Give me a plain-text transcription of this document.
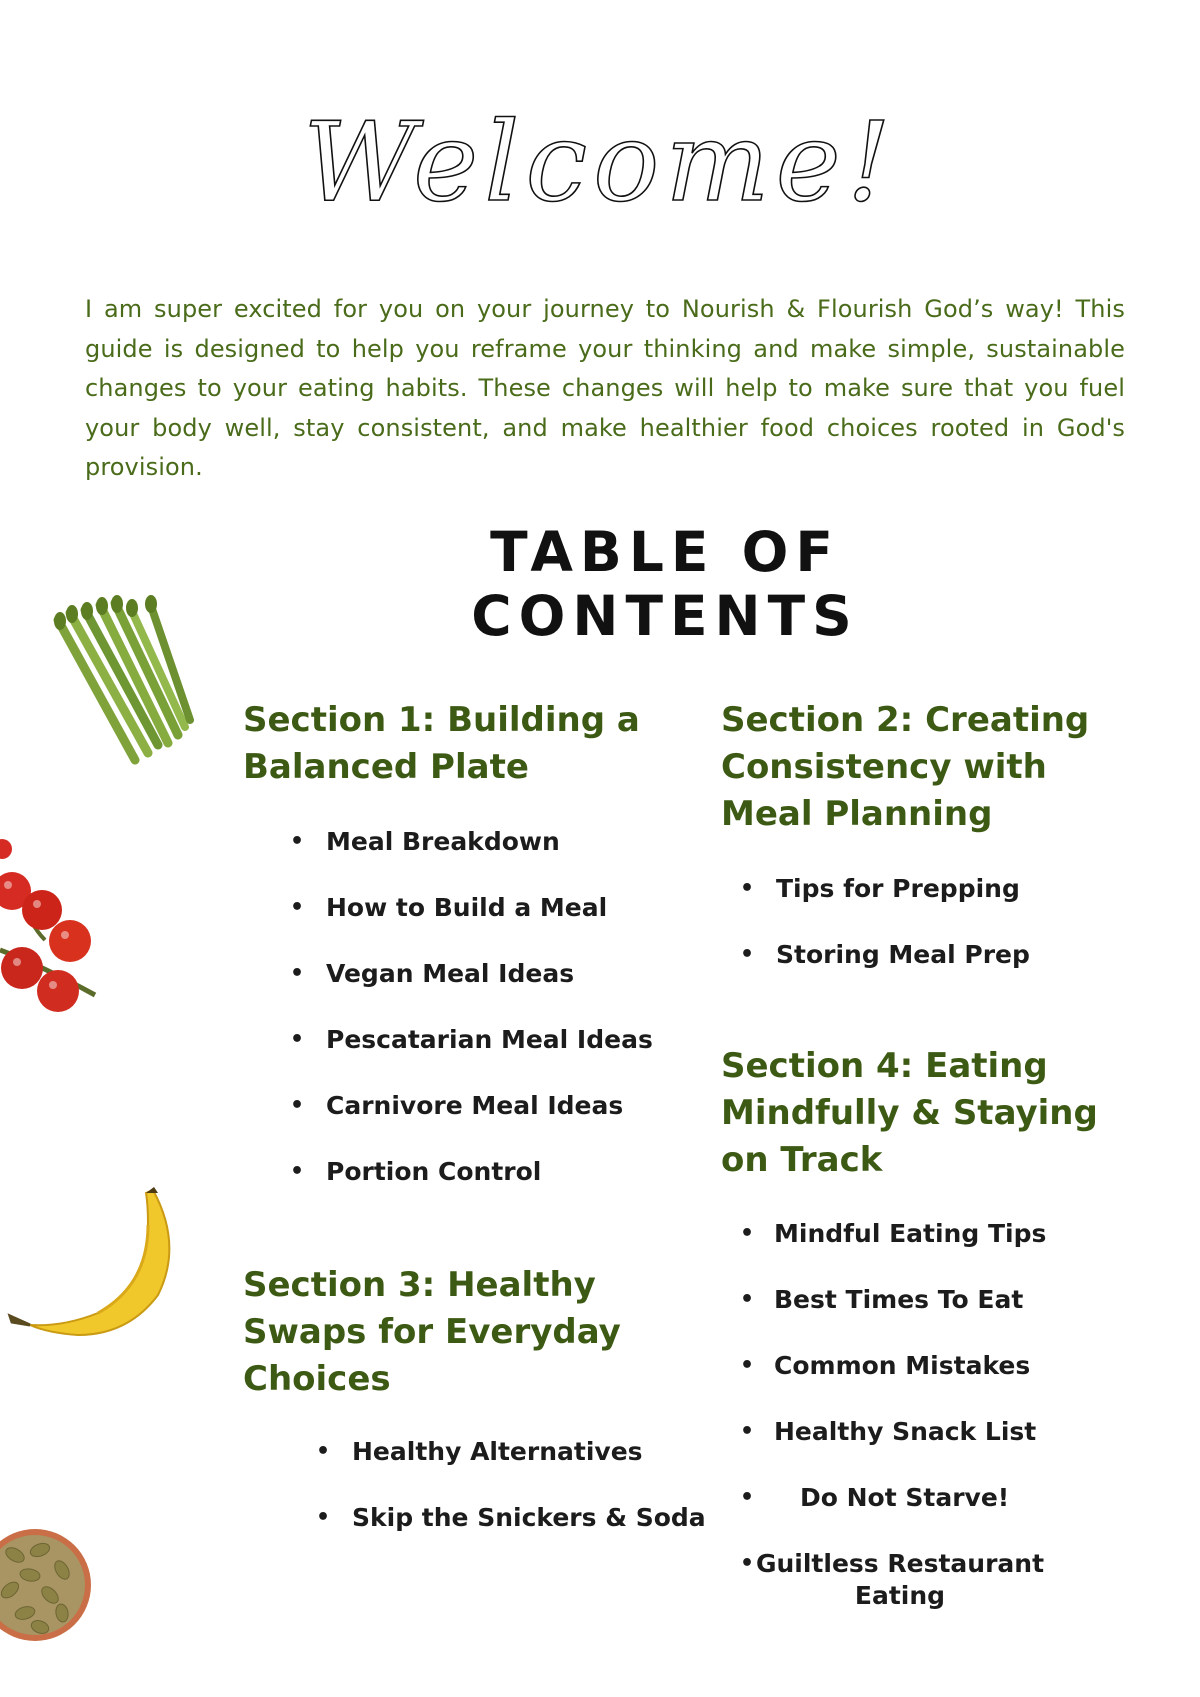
Welcome!

I am super excited for you on your journey to Nourish & Flourish God’s way! This guide is designed to help you reframe your thinking and make simple, sustainable changes to your eating habits. These changes will help to make sure that you fuel your body well, stay consistent, and make healthier food choices rooted in God's provision.

TABLE OF CONTENTS
Section 1: Building a Balanced Plate
• Meal Breakdown
• How to Build a Meal
• Vegan Meal Ideas
• Pescatarian Meal Ideas
• Carnivore Meal Ideas
• Portion Control
Section 2: Creating Consistency with Meal Planning
• Tips for Prepping
• Storing Meal Prep
Section 3: Healthy Swaps for Everyday Choices
• Healthy Alternatives
• Skip the Snickers & Soda
Section 4: Eating Mindfully & Staying on Track
• Mindful Eating Tips
• Best Times To Eat
• Common Mistakes
• Healthy Snack List
• Do Not Starve!
• Guiltless Restaurant Eating
